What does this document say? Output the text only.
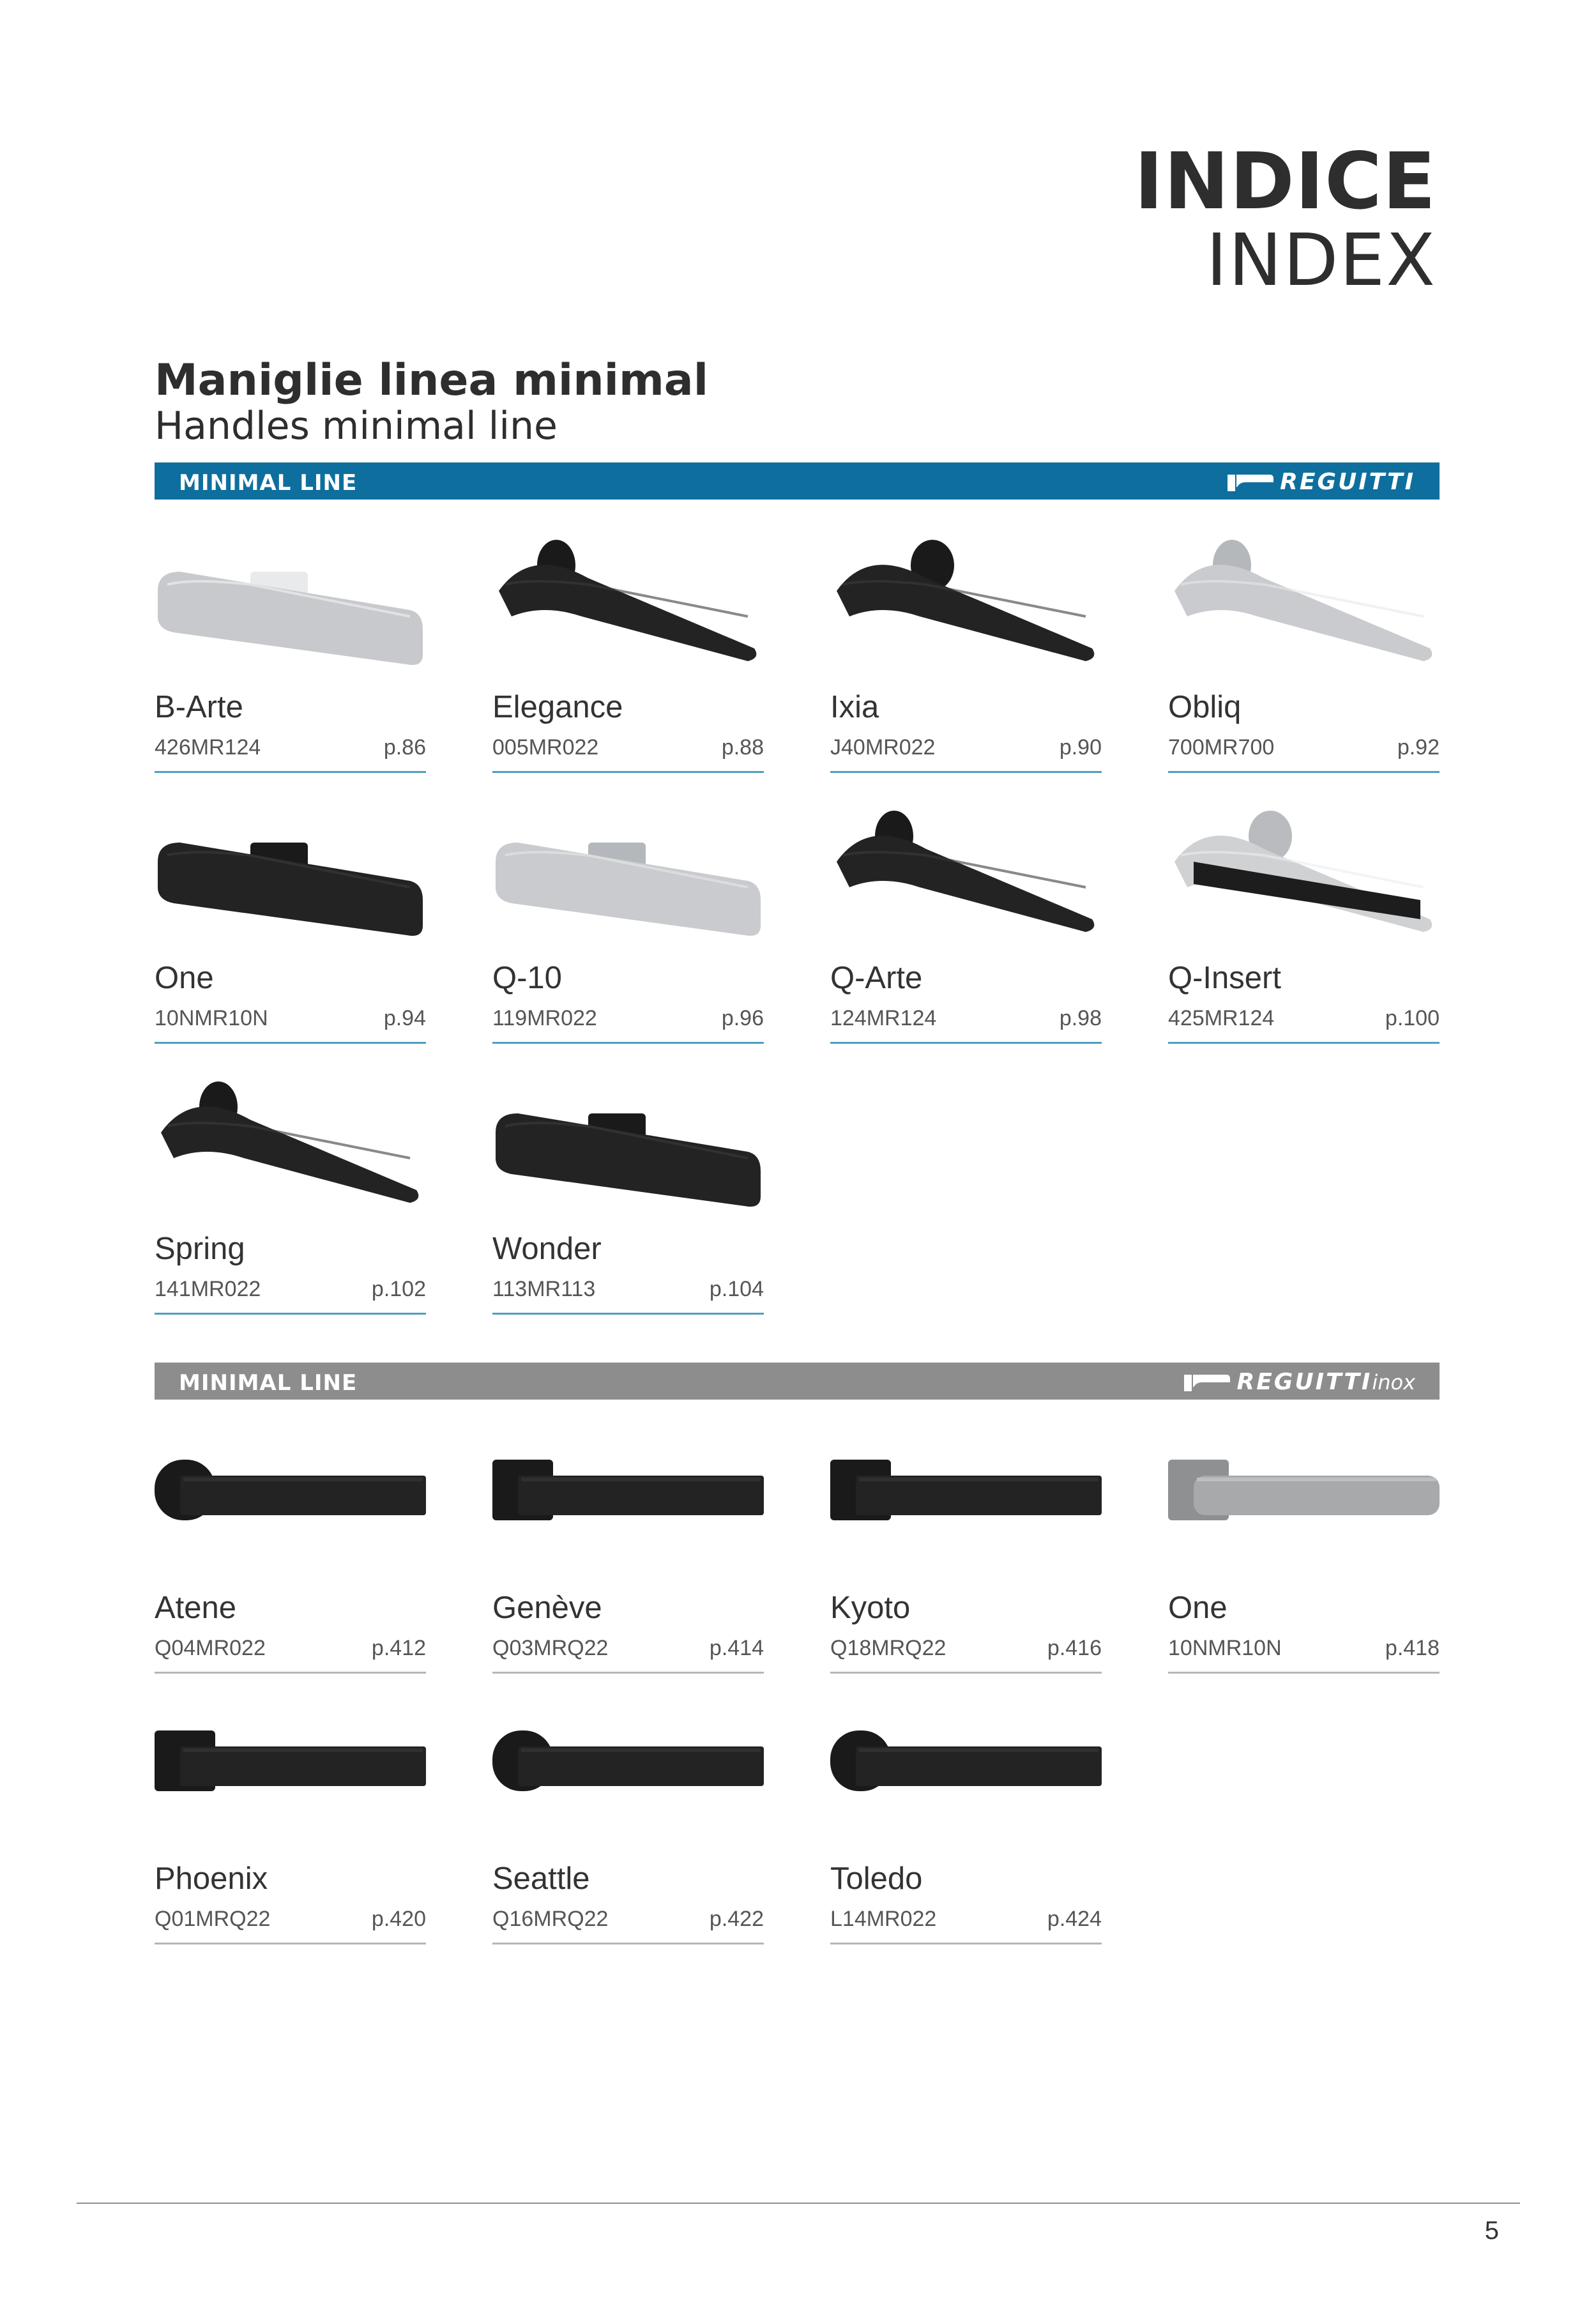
INDICE
INDEX
Maniglie linea minimal
Handles minimal line
MINIMAL LINE	REGUITTI
MINIMAL LINE	REGUITTI inox
B-Arte
426MR124	p.86
Elegance
005MR022	p.88
Ixia
J40MR022	p.90
Obliq
700MR700	p.92
One
10NMR10N	p.94
Q-10
119MR022	p.96
Q-Arte
124MR124	p.98
Q-Insert
425MR124	p.100
Spring
141MR022	p.102
Wonder
113MR113	p.104
Atene
Q04MR022	p.412
Genève
Q03MRQ22	p.414
Kyoto
Q18MRQ22	p.416
One
10NMR10N	p.418
Phoenix
Q01MRQ22	p.420
Seattle
Q16MRQ22	p.422
Toledo
L14MR022	p.424
5
